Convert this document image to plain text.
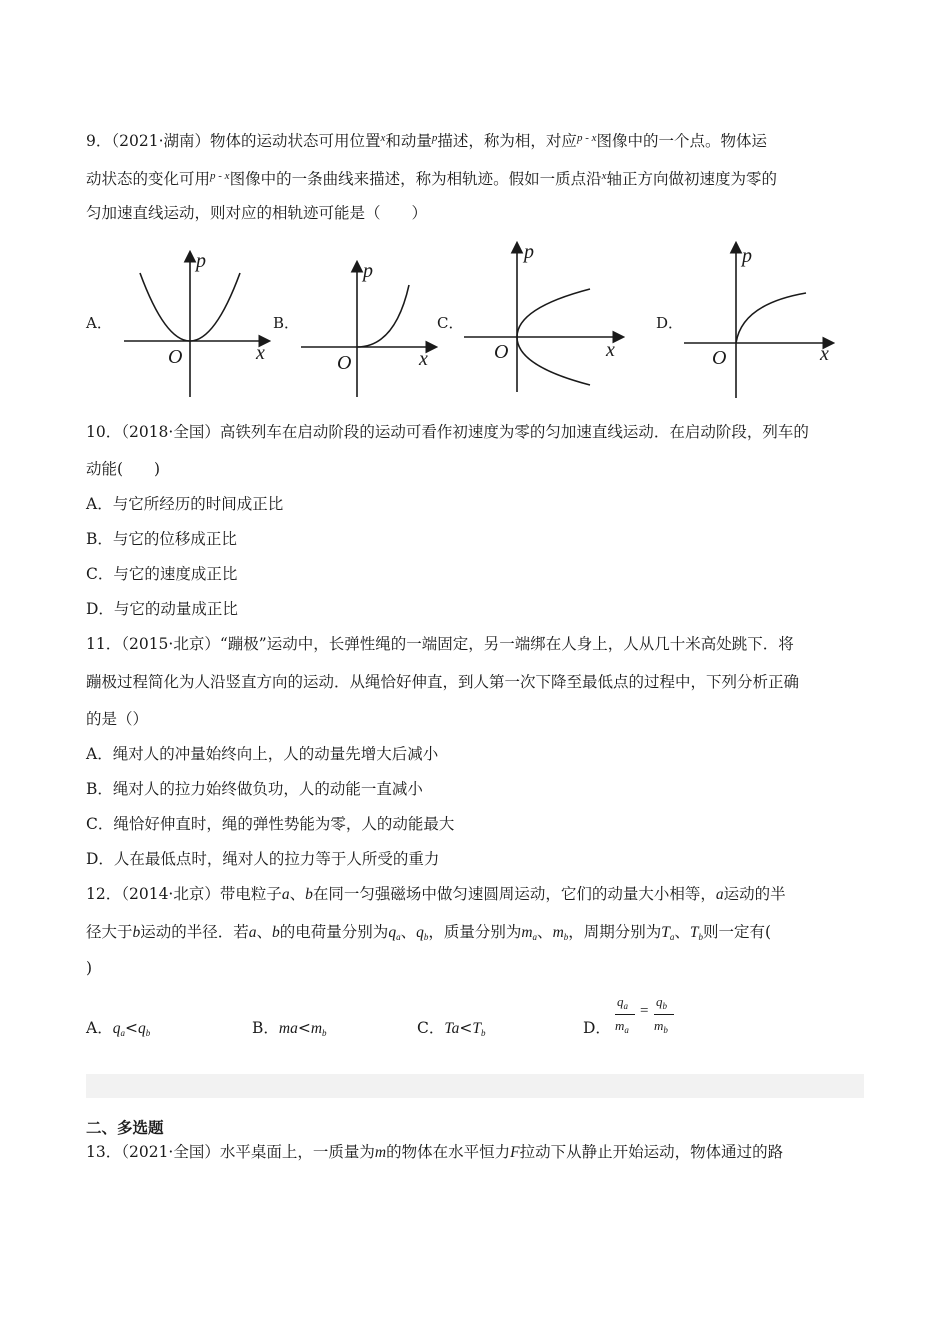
9．（2021·湖南）物体的运动状态可用位置$^x$和动量$^p$描述，称为相，对应$^{p - x}$图像中的一个点。物体运
动状态的变化可用$^{p - x}$图像中的一条曲线来描述，称为相轨迹。假如一质点沿$^x$轴正方向做初速度为零的
匀加速直线运动，则对应的相轨迹可能是（　　）
A．	B．	C．	D．
p
x
O
p
x
O
p
x
O
p
x
O
10．（2018·全国）高铁列车在启动阶段的运动可看作初速度为零的匀加速直线运动．在启动阶段，列车的
动能(　　)
A．与它所经历的时间成正比
B．与它的位移成正比
C．与它的速度成正比
D．与它的动量成正比
11．（2015·北京）“蹦极”运动中，长弹性绳的一端固定，另一端绑在人身上，人从几十米高处跳下．将
蹦极过程简化为人沿竖直方向的运动．从绳恰好伸直，到人第一次下降至最低点的过程中，下列分析正确
的是（）
A．绳对人的冲量始终向上，人的动量先增大后减小
B．绳对人的拉力始终做负功，人的动能一直减小
C．绳恰好伸直时，绳的弹性势能为零，人的动能最大
D．人在最低点时，绳对人的拉力等于人所受的重力
12．（2014·北京）带电粒子a、b在同一匀强磁场中做匀速圆周运动，它们的动量大小相等，a运动的半
径大于b运动的半径．若a、b的电荷量分别为$q_a$、$q_b$，质量分别为$m_a$、$m_b$，周期分别为$T_a$、$T_b$则一定有(
)
A．$q_a<q_b$	B．$ma<m_b$	C．$Ta<T_b$	D．
$q_a$
$m_a$
=
$q_b$
$m_b$
二、多选题
13．（2021·全国）水平桌面上，一质量为m的物体在水平恒力F拉动下从静止开始运动，物体通过的路
